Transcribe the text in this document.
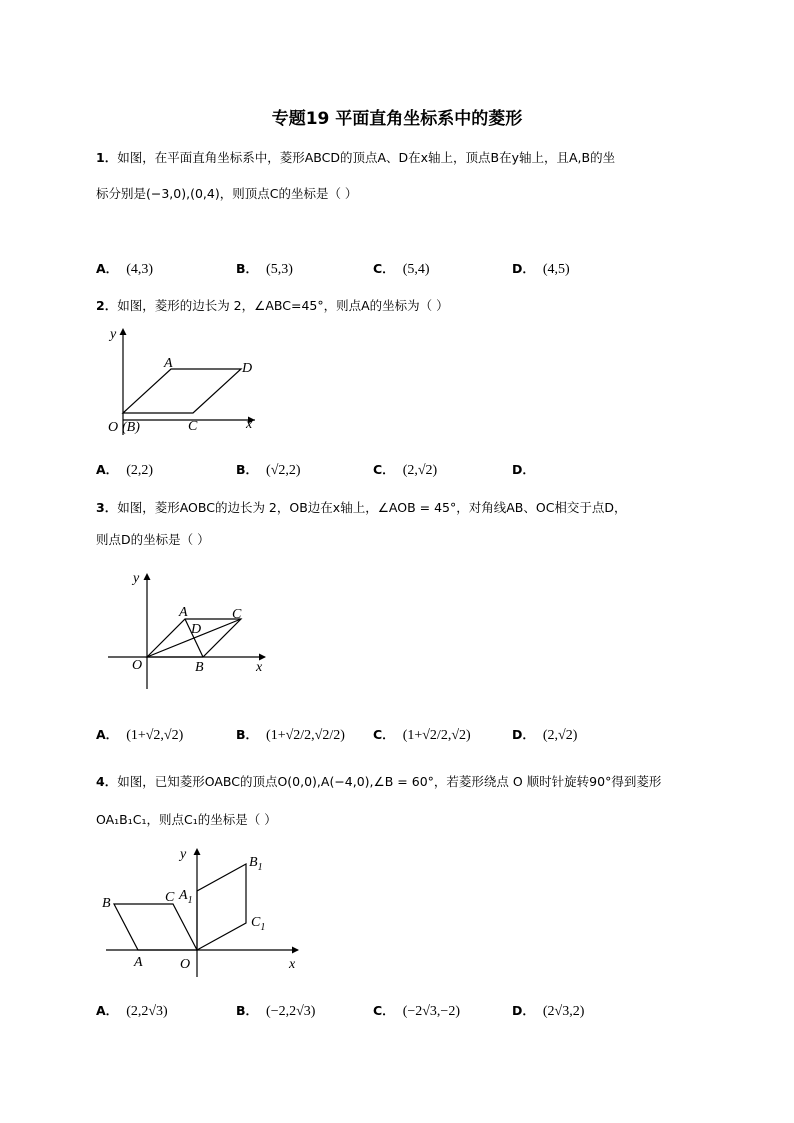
专题19 平面直角坐标系中的菱形
1．如图，在平面直角坐标系中，菱形ABCD的顶点A、D在x轴上，顶点B在y轴上，且A,B的坐
标分别是(−3,0),(0,4)，则顶点C的坐标是（ ）
A． (4,3)	B． (5,3)	C． (5,4)	D． (4,5)
2．如图，菱形的边长为 2，∠ABC=45°，则点A的坐标为（ ）
y
x
O (B)
A
C
D
A． (2,2)	B． (√2,2)	C． (2,√2)	D．
3．如图，菱形AOBC的边长为 2，OB边在x轴上，∠AOB = 45°，对角线AB、OC相交于点D，
则点D的坐标是（ ）
y
x
O
A
B
C
D
A． (1+√2,√2)	B． (1+√2/2,√2/2) C． (1+√2/2,√2)	D． (2,√2)
4．如图，已知菱形OABC的顶点O(0,0),A(−4,0),∠B = 60°，若菱形绕点 O 顺时针旋转90°得到菱形
OA₁B₁C₁，则点C₁的坐标是（ ）
y
x
O
A
B	C $A_1$
$B_1$
$C_1$
A． (2,2√3)	B． (−2,2√3)	C． (−2√3,−2)	D． (2√3,2)
